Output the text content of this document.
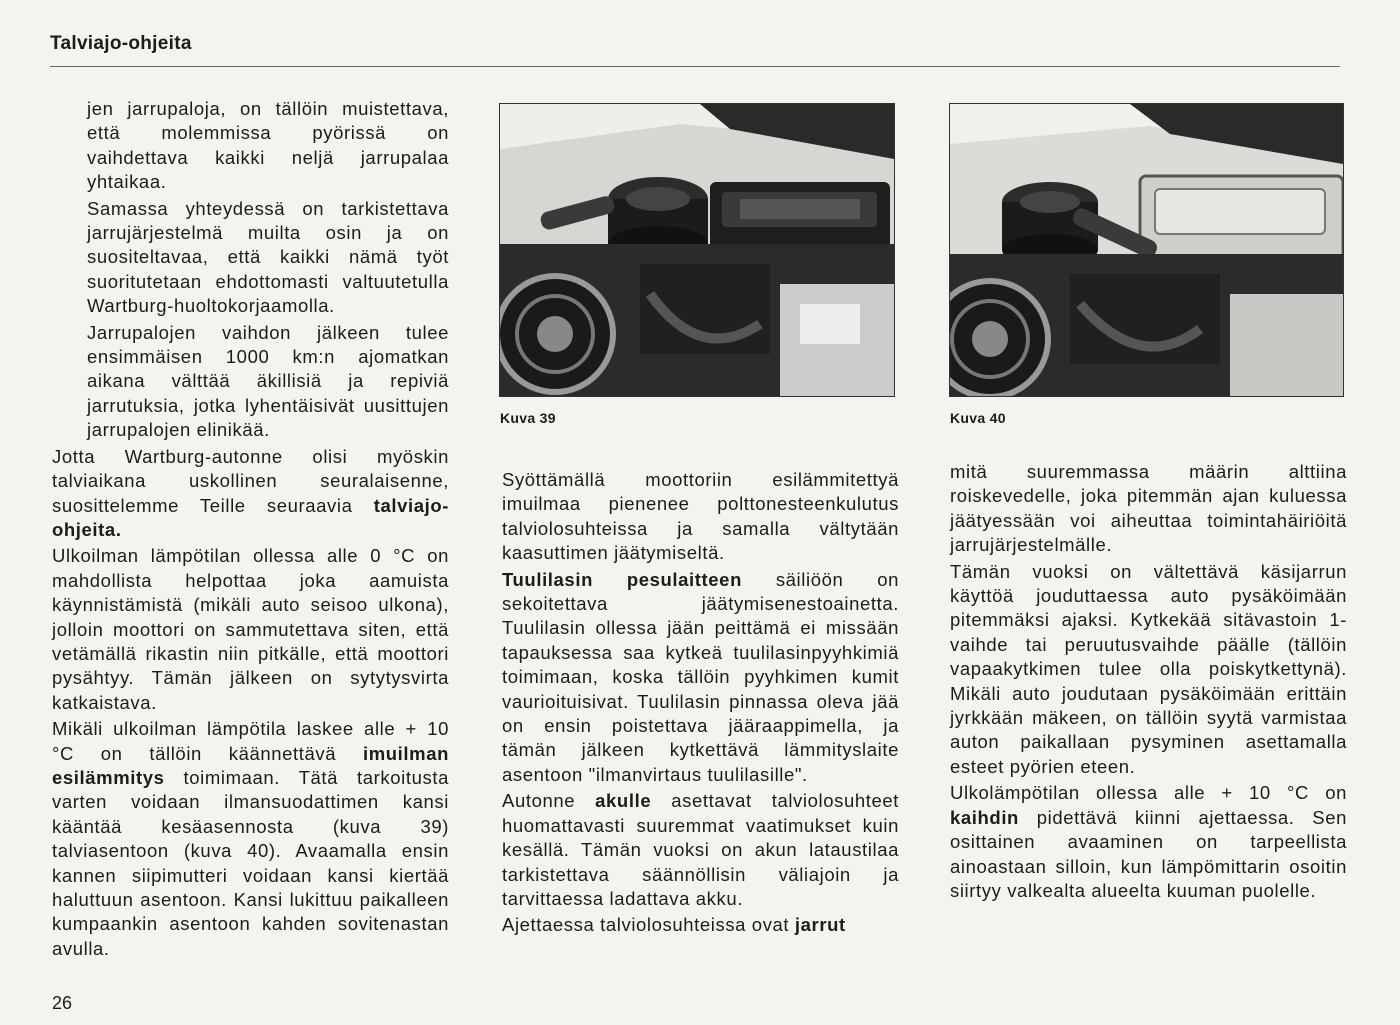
Talviajo-ohjeita

jen jarrupaloja, on tällöin muistettava, että molemmissa pyörissä on vaihdettava kaikki neljä jarrupalaa yhtaikaa.

Samassa yhteydessä on tarkistettava jarrujärjestelmä muilta osin ja on suositeltavaa, että kaikki nämä työt suoritutetaan ehdottomasti valtuutetulla Wartburg-huoltokorjaamolla.

Jarrupalojen vaihdon jälkeen tulee ensimmäisen 1000 km:n ajomatkan aikana välttää äkillisiä ja repiviä jarrutuksia, jotka lyhentäisivät uusittujen jarrupalojen elinikää.

Jotta Wartburg-autonne olisi myöskin talviaikana uskollinen seuralaisenne, suosittelemme Teille seuraavia talviajo-ohjeita.

Ulkoilman lämpötilan ollessa alle 0 °C on mahdollista helpottaa joka aamuista käynnistämistä (mikäli auto seisoo ulkona), jolloin moottori on sammutettava siten, että vetämällä rikastin niin pitkälle, että moottori pysähtyy. Tämän jälkeen on sytytysvirta katkaistava.

Mikäli ulkoilman lämpötila laskee alle + 10 °C on tällöin käännettävä imuilman esilämmitys toimimaan. Tätä tarkoitusta varten voidaan ilmansuodattimen kansi kääntää kesäasennosta (kuva 39) talviasentoon (kuva 40). Avaamalla ensin kannen siipimutteri voidaan kansi kiertää haluttuun asentoon. Kansi lukittuu paikalleen kumpaankin asentoon kahden sovitenastan avulla.

Kuva 39	Kuva 40

Syöttämällä moottoriin esilämmitettyä imuilmaa pienenee polttonesteenkulutus talviolosuhteissa ja samalla vältytään kaasuttimen jäätymiseltä.

Tuulilasin pesulaitteen säiliöön on sekoitettava jäätymisenestoainetta. Tuulilasin ollessa jään peittämä ei missään tapauksessa saa kytkeä tuulilasinpyyhkimiä toimimaan, koska tällöin pyyhkimen kumit vaurioituisivat. Tuulilasin pinnassa oleva jää on ensin poistettava jääraappimella, ja tämän jälkeen kytkettävä lämmityslaite asentoon "ilmanvirtaus tuulilasille".

Autonne akulle asettavat talviolosuhteet huomattavasti suuremmat vaatimukset kuin kesällä. Tämän vuoksi on akun lataustilaa tarkistettava säännöllisin väliajoin ja tarvittaessa ladattava akku.

Ajettaessa talviolosuhteissa ovat jarrut

mitä suuremmassa määrin alttiina roiskevedelle, joka pitemmän ajan kuluessa jäätyessään voi aiheuttaa toimintahäiriöitä jarrujärjestelmälle.

Tämän vuoksi on vältettävä käsijarrun käyttöä jouduttaessa auto pysäköimään pitemmäksi ajaksi. Kytkekää sitävastoin 1-vaihde tai peruutusvaihde päälle (tällöin vapaakytkimen tulee olla poiskytkettynä). Mikäli auto joudutaan pysäköimään erittäin jyrkkään mäkeen, on tällöin syytä varmistaa auton paikallaan pysyminen asettamalla esteet pyörien eteen.

Ulkolämpötilan ollessa alle + 10 °C on kaihdin pidettävä kiinni ajettaessa. Sen osittainen avaaminen on tarpeellista ainoastaan silloin, kun lämpömittarin osoitin siirtyy valkealta alueelta kuuman puolelle.

26
